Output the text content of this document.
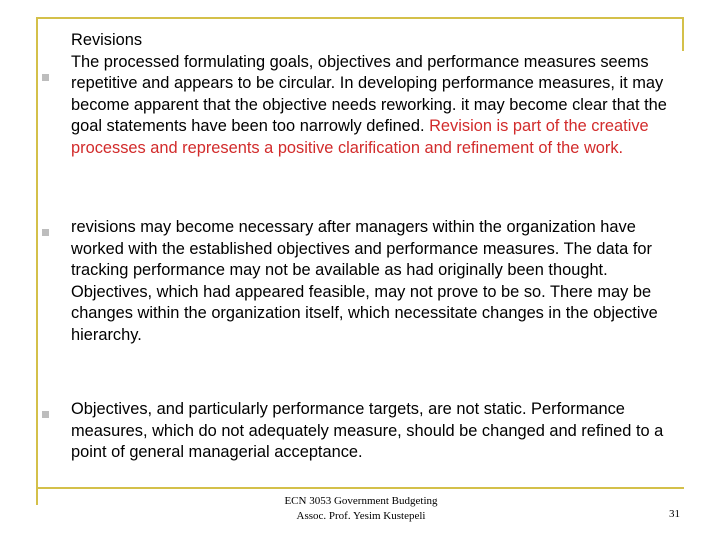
Revisions
The processed formulating goals, objectives and performance measures seems repetitive and appears to be circular. In developing performance measures, it may become apparent that the objective needs reworking. it may become clear that the goal statements have been too narrowly defined. Revision is part of the creative processes and represents a positive clarification and refinement of the work.
revisions may become necessary after managers within the organization have worked with the established objectives and performance measures. The data for tracking performance may not be available as had originally been thought. Objectives, which had appeared feasible, may not prove to be so. There may be changes within the organization itself, which necessitate changes in the objective hierarchy.
Objectives, and particularly performance targets, are not static. Performance measures, which do not adequately measure, should be changed and refined to a point of general managerial acceptance.
ECN 3053 Government Budgeting
Assoc. Prof. Yesim Kustepeli	31
